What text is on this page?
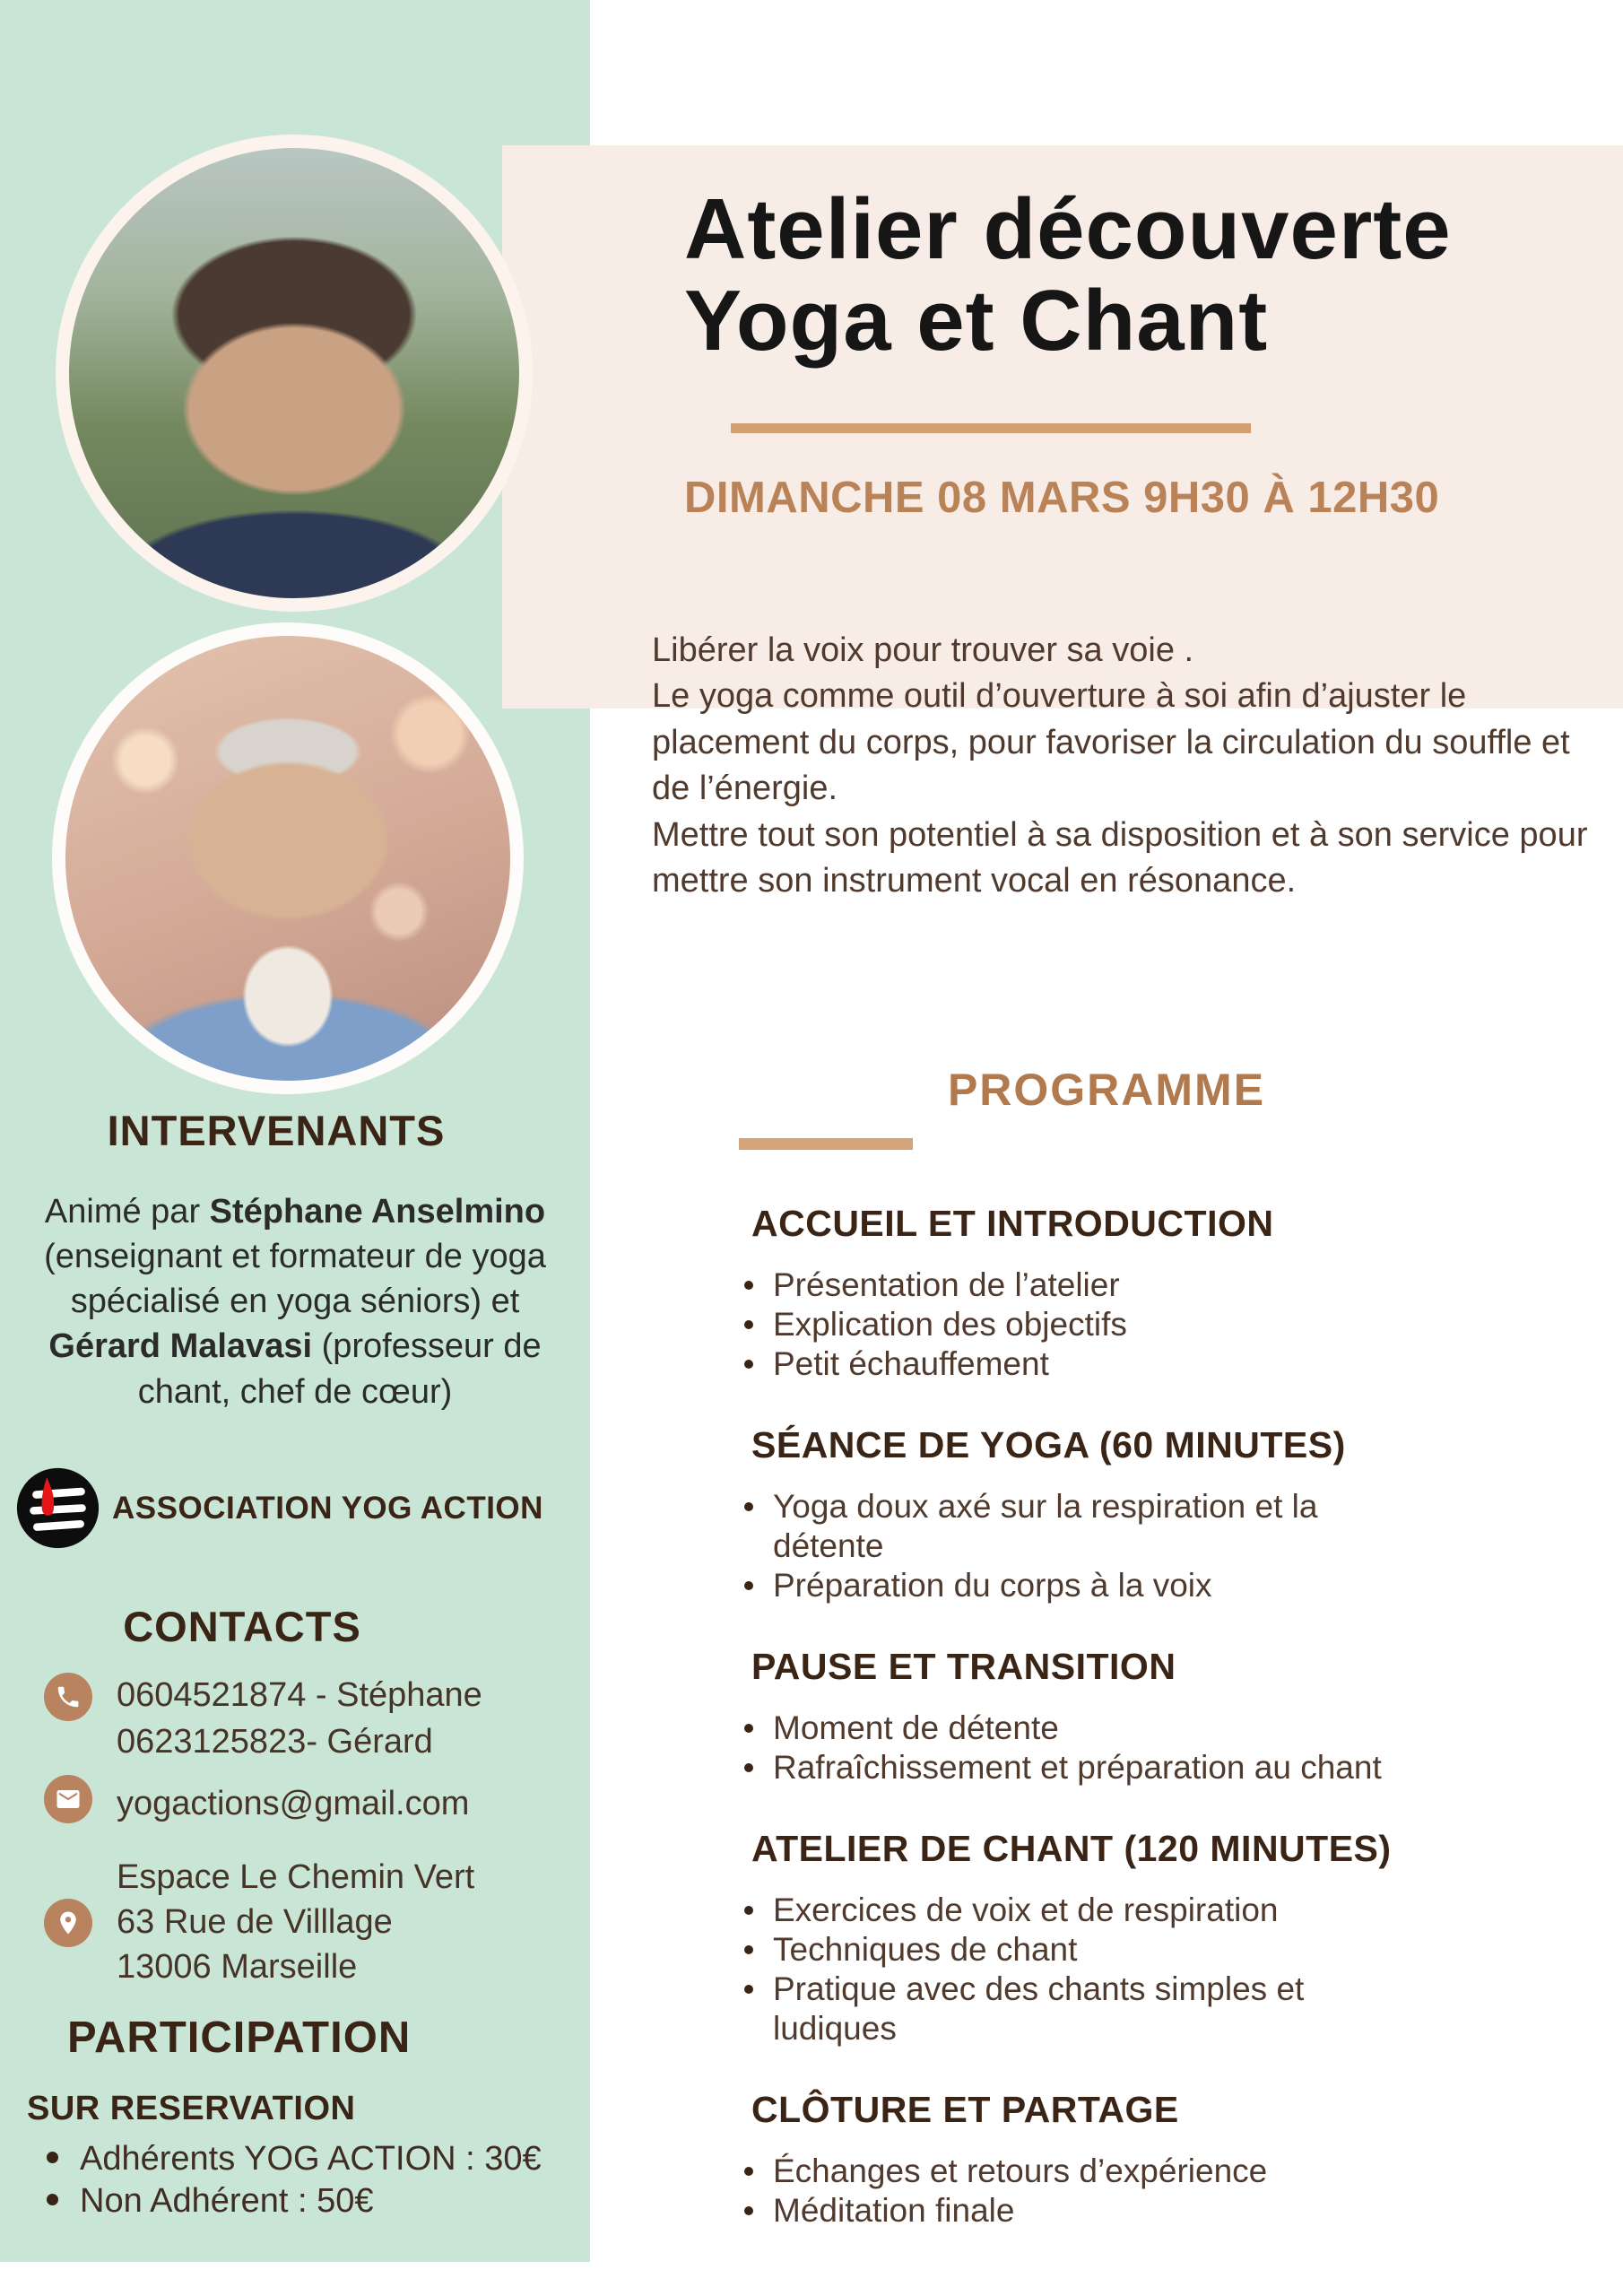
Atelier découverte
Yoga et Chant
DIMANCHE 08 MARS 9H30 À 12H30

Libérer la voix pour trouver sa voie .

Le yoga comme outil d’ouverture à soi afin d’ajuster le placement du corps, pour favoriser la circulation du souffle et de l’énergie.

Mettre tout son potentiel à sa disposition et à son service pour mettre son instrument vocal en résonance.

PROGRAMME
ACCUEIL ET INTRODUCTION
Présentation de l’atelier
Explication des objectifs
Petit échauffement
SÉANCE DE YOGA (60 MINUTES)
Yoga doux axé sur la respiration et la détente
Préparation du corps à la voix
PAUSE ET TRANSITION
Moment de détente
Rafraîchissement et préparation au chant
ATELIER DE CHANT (120 MINUTES)
Exercices de voix et de respiration
Techniques de chant
Pratique avec des chants simples et ludiques
CLÔTURE ET PARTAGE
Échanges et retours d’expérience
Méditation finale
INTERVENANTS
Animé par Stéphane Anselmino (enseignant et formateur de yoga spécialisé en yoga séniors) et Gérard Malavasi (professeur de chant, chef de cœur)
ASSOCIATION YOG ACTION
CONTACTS
0604521874 - Stéphane
0623125823- Gérard
yogactions@gmail.com
Espace Le Chemin Vert
63 Rue de Villlage
13006 Marseille
PARTICIPATION
SUR RESERVATION
Adhérents YOG ACTION : 30€
Non Adhérent : 50€
